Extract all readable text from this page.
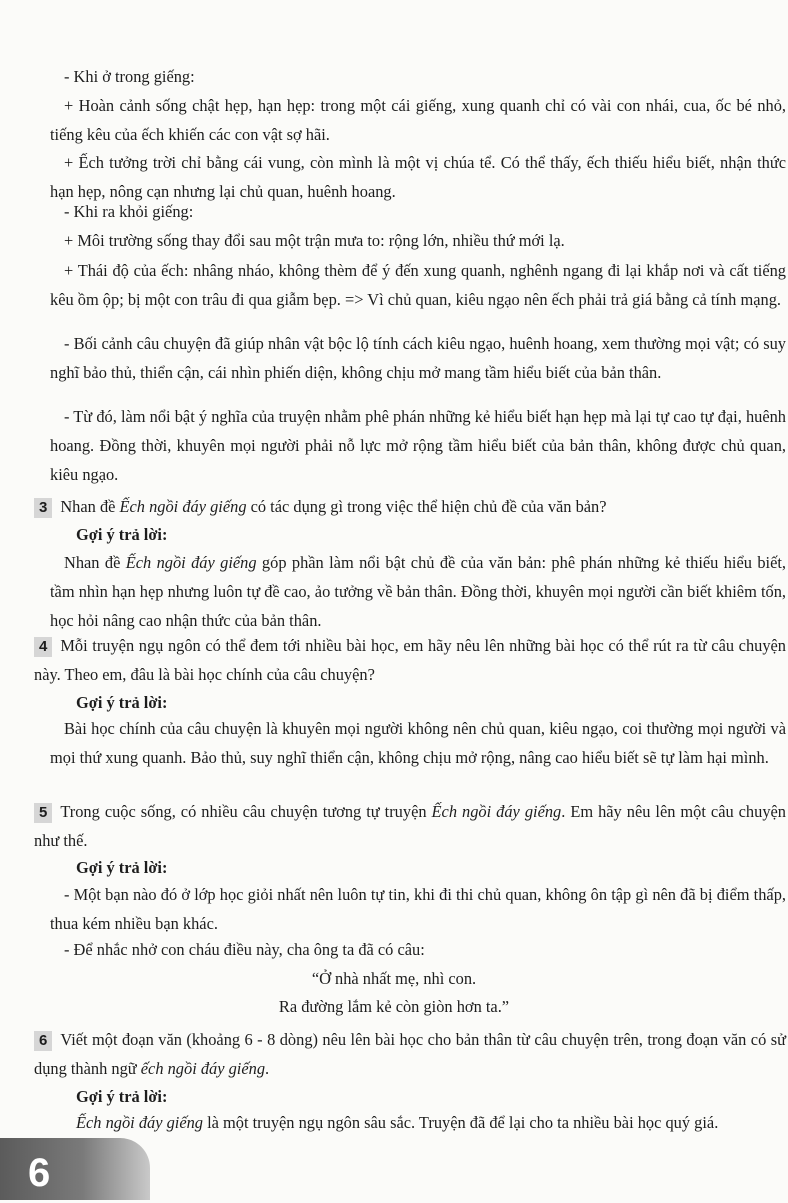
- Khi ở trong giếng:

+ Hoàn cảnh sống chật hẹp, hạn hẹp: trong một cái giếng, xung quanh chỉ có vài con nhái, cua, ốc bé nhỏ, tiếng kêu của ếch khiến các con vật sợ hãi.

+ Ếch tưởng trời chỉ bằng cái vung, còn mình là một vị chúa tể. Có thể thấy, ếch thiếu hiểu biết, nhận thức hạn hẹp, nông cạn nhưng lại chủ quan, huênh hoang.

- Khi ra khỏi giếng:

+ Môi trường sống thay đổi sau một trận mưa to: rộng lớn, nhiều thứ mới lạ.

+ Thái độ của ếch: nhâng nháo, không thèm để ý đến xung quanh, nghênh ngang đi lại khắp nơi và cất tiếng kêu ồm ộp; bị một con trâu đi qua giẫm bẹp. => Vì chủ quan, kiêu ngạo nên ếch phải trả giá bằng cả tính mạng.

- Bối cảnh câu chuyện đã giúp nhân vật bộc lộ tính cách kiêu ngạo, huênh hoang, xem thường mọi vật; có suy nghĩ bảo thủ, thiển cận, cái nhìn phiến diện, không chịu mở mang tầm hiểu biết của bản thân.

- Từ đó, làm nổi bật ý nghĩa của truyện nhằm phê phán những kẻ hiểu biết hạn hẹp mà lại tự cao tự đại, huênh hoang. Đồng thời, khuyên mọi người phải nỗ lực mở rộng tầm hiểu biết của bản thân, không được chủ quan, kiêu ngạo.

3 Nhan đề Ếch ngồi đáy giếng có tác dụng gì trong việc thể hiện chủ đề của văn bản?

Gợi ý trả lời:

Nhan đề Ếch ngồi đáy giếng góp phần làm nổi bật chủ đề của văn bản: phê phán những kẻ thiếu hiểu biết, tầm nhìn hạn hẹp nhưng luôn tự đề cao, ảo tưởng về bản thân. Đồng thời, khuyên mọi người cần biết khiêm tốn, học hỏi nâng cao nhận thức của bản thân.

4 Mỗi truyện ngụ ngôn có thể đem tới nhiều bài học, em hãy nêu lên những bài học có thể rút ra từ câu chuyện này. Theo em, đâu là bài học chính của câu chuyện?

Gợi ý trả lời:

Bài học chính của câu chuyện là khuyên mọi người không nên chủ quan, kiêu ngạo, coi thường mọi người và mọi thứ xung quanh. Bảo thủ, suy nghĩ thiển cận, không chịu mở rộng, nâng cao hiểu biết sẽ tự làm hại mình.

5 Trong cuộc sống, có nhiều câu chuyện tương tự truyện Ếch ngồi đáy giếng. Em hãy nêu lên một câu chuyện như thế.

Gợi ý trả lời:

- Một bạn nào đó ở lớp học giỏi nhất nên luôn tự tin, khi đi thi chủ quan, không ôn tập gì nên đã bị điểm thấp, thua kém nhiều bạn khác.

- Để nhắc nhở con cháu điều này, cha ông ta đã có câu:

“Ở nhà nhất mẹ, nhì con.

Ra đường lắm kẻ còn giòn hơn ta.”

6 Viết một đoạn văn (khoảng 6 - 8 dòng) nêu lên bài học cho bản thân từ câu chuyện trên, trong đoạn văn có sử dụng thành ngữ ếch ngồi đáy giếng.

Gợi ý trả lời:

Ếch ngồi đáy giếng là một truyện ngụ ngôn sâu sắc. Truyện đã để lại cho ta nhiều bài học quý giá.

6
